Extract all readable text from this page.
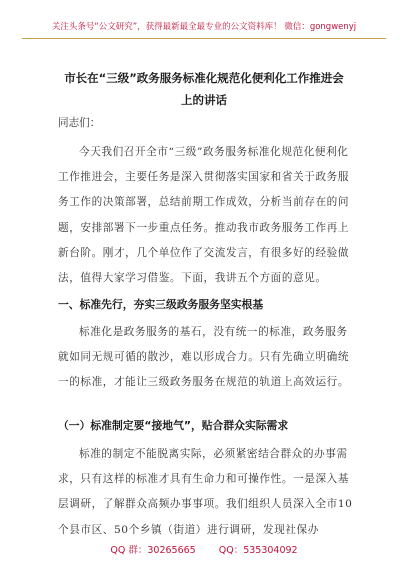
关注头条号“公文研究”，获得最新最全最专业的公文资料库！ 微信：gongwenyj
市长在“三级”政务服务标准化规范化便利化工作推进会
上的讲话
同志们：
今天我们召开全市“三级”政务服务标准化规范化便利化工作推进会，主要任务是深入贯彻落实国家和省关于政务服务工作的决策部署，总结前期工作成效，分析当前存在的问题，安排部署下一步重点任务。推动我市政务服务工作再上新台阶。刚才，几个单位作了交流发言，有很多好的经验做法，值得大家学习借鉴。下面，我讲五个方面的意见。
一、标准先行，夯实三级政务服务坚实根基
标准化是政务服务的基石，没有统一的标准，政务服务就如同无规可循的散沙，难以形成合力。只有先确立明确统一的标准，才能让三级政务服务在规范的轨道上高效运行。
（一）标准制定要“接地气”，贴合群众实际需求
标准的制定不能脱离实际，必须紧密结合群众的办事需求，只有这样的标准才具有生命力和可操作性。一是深入基层调研，了解群众高频办事事项。我们组织人员深入全市10个县市区、50个乡镇（街道）进行调研，发现社保办
QQ 群：30265665 QQ：535304092
